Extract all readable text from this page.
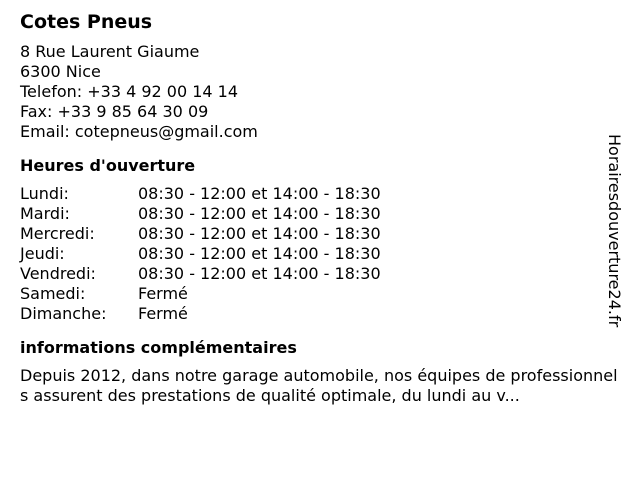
Cotes Pneus
8 Rue Laurent Giaume
6300 Nice
Telefon: +33 4 92 00 14 14
Fax: +33 9 85 64 30 09
Email: cotepneus@gmail.com
Heures d'ouverture
Lundi:	08:30 - 12:00 et 14:00 - 18:30
Mardi:	08:30 - 12:00 et 14:00 - 18:30
Mercredi:	08:30 - 12:00 et 14:00 - 18:30
Jeudi:	08:30 - 12:00 et 14:00 - 18:30
Vendredi:	08:30 - 12:00 et 14:00 - 18:30
Samedi:	Fermé
Dimanche:	Fermé
informations complémentaires
Depuis 2012, dans notre garage automobile, nos équipes de professionnels assurent des prestations de qualité optimale, du lundi au v...
Horairesdouverture24.fr
